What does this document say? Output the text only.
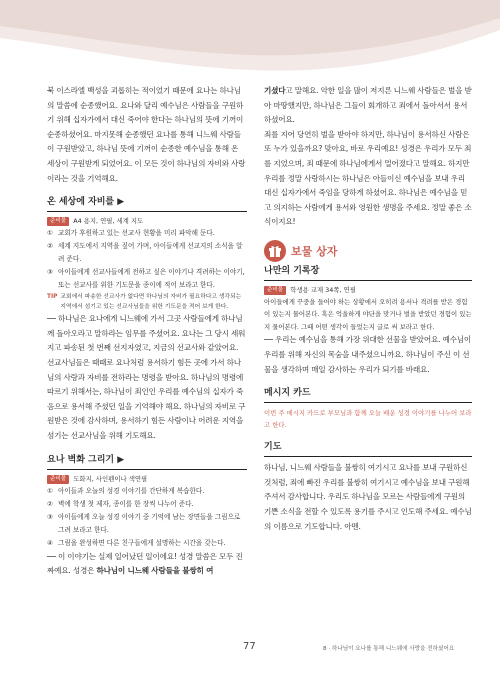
북 이스라엘 백성을 괴롭히는 적이었기 때문에 요나는 하나님의 말씀에 순종했어요. 요나와 달리 예수님은 사람들을 구원하기 위해 십자가에서 대신 죽어야 한다는 하나님의 뜻에 기꺼이 순종하셨어요. 마지못해 순종했던 요나를 통해 니느웨 사람들이 구원받았고, 하나님 뜻에 기꺼이 순종한 예수님을 통해 온 세상이 구원받게 되었어요. 이 모든 것이 하나님의 자비와 사랑이라는 것을 기억해요.

온 세상에 자비를 ▶

준비물	A4 용지, 연필, 세계 지도

① 교회가 후원하고 있는 선교사 현황을 미리 파악해 둔다.
② 세계 지도에서 지역을 짚어 가며, 아이들에게 선교지의 소식을 알려 준다.
③ 아이들에게 선교사들에게 전하고 싶은 이야기나 격려하는 이야기, 또는 선교사를 위한 기도문을 종이에 적어 보라고 한다.
TIP 교회에서 파송한 선교사가 없다면 하나님의 자비가 필요하다고 생각되는 지역에서 섬기고 있는 선교사님들을 위한 기도문을 적어 보게 한다.

── 하나님은 요나에게 니느웨에 가서 그곳 사람들에게 하나님께 돌아오라고 말하라는 임무를 주셨어요. 요나는 그 당시 세워지고 파송된 첫 번째 선지자였고, 지금의 선교사와 같았어요. 선교사님들은 때때로 요나처럼 용서하기 힘든 곳에 가서 하나님의 사랑과 자비를 전하라는 명령을 받아요. 하나님의 명령에 따르기 위해서는, 하나님이 죄인인 우리를 예수님의 십자가 죽음으로 용서해 주셨던 일을 기억해야 해요. 하나님의 자비로 구원받은 것에 감사하며, 용서하기 힘든 사람이나 어려운 지역을 섬기는 선교사님을 위해 기도해요.

요나 벽화 그리기 ▶

준비물	도화지, 사인펜이나 색연필

① 아이들과 오늘의 성경 이야기를 간단하게 복습한다.
② 벽에 학생 첫 제자, 종이를 한 장씩 나누어 준다.
③ 아이들에게 오늘 성경 이야기 중 기억에 남는 장면들을 그림으로 그려 보라고 한다.
④ 그림을 완성하면 다른 친구들에게 설명하는 시간을 갖는다.

── 이 이야기는 실제 일어났던 일이에요! 성경 말씀은 모두 진짜예요. 성경은 하나님이 니느웨 사람들을 불쌍히 여

기셨다고 말해요. 악한 일을 많이 저지른 니느웨 사람들은 벌을 받아 마땅했지만, 하나님은 그들이 회개하고 죄에서 돌아서서 용서하셨어요.

죄를 지어 당연히 벌을 받아야 하지만, 하나님이 용서하신 사람은 또 누가 있을까요? 맞아요, 바로 우리예요! 성경은 우리가 모두 죄를 지었으며, 죄 때문에 하나님에게서 멀어졌다고 말해요. 하지만 우리를 정말 사랑하시는 하나님은 아들이신 예수님을 보내 우리 대신 십자가에서 죽임을 당하게 하셨어요. 하나님은 예수님을 믿고 의지하는 사람에게 용서와 영원한 생명을 주세요. 정말 좋은 소식이지요!

보물 상자

나만의 기록장

준비물	학생용 교재 34쪽, 연필

아이들에게 꾸중을 들어야 하는 상황에서 오히려 용서나 격려를 받은 경험이 있는지 물어본다. 혹은 억울하게 야단을 맞거나 벌을 받았던 경험이 있는지 물어본다. 그때 어떤 생각이 들었는지 글로 써 보라고 한다.

── 우리는 예수님을 통해 가장 위대한 선물을 받았어요. 예수님이 우리를 위해 자신의 목숨을 내주셨으니까요. 하나님이 주신 이 선물을 생각하며 매일 감사하는 우리가 되기를 바래요.

메시지 카드

이번 주 메시지 카드로 부모님과 함께 오늘 배운 성경 이야기를 나누어 보라고 한다.

기도

하나님, 니느웨 사람들을 불쌍히 여기시고 요나를 보내 구원하신 것처럼, 죄에 빠진 우리를 불쌍히 여기시고 예수님을 보내 구원해 주셔서 감사합니다. 우리도 하나님을 모르는 사람들에게 구원의 기쁜 소식을 전할 수 있도록 용기를 주시고 인도해 주세요. 예수님의 이름으로 기도합니다. 아멘.

77	8 · 하나님이 요나를 통해 니느웨에 사랑을 전하셨어요
